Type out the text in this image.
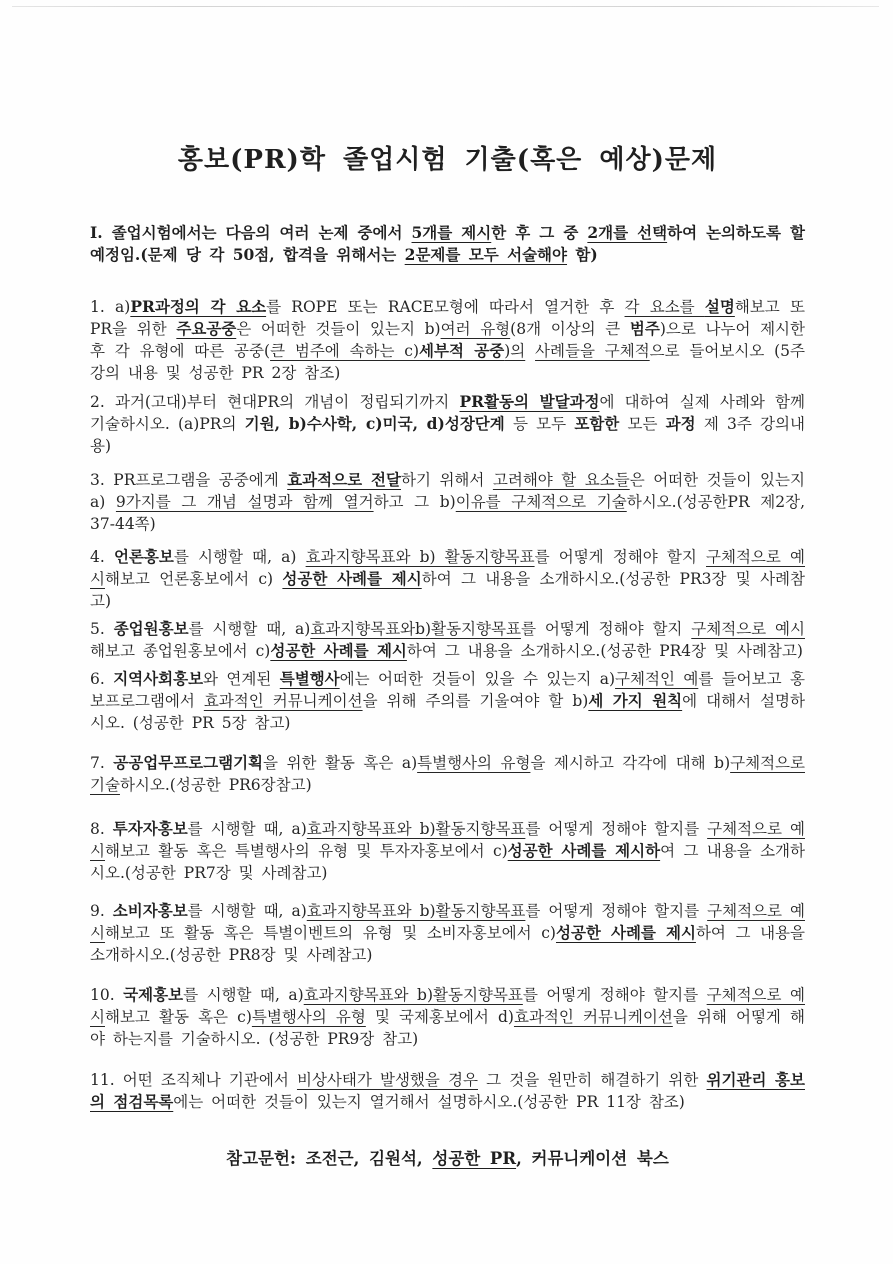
홍보(PR)학 졸업시험 기출(혹은 예상)문제

I. 졸업시험에서는 다음의 여러 논제 중에서 5개를 제시한 후 그 중 2개를 선택하여 논의하도록 할 예정임.(문제 당 각 50점, 합격을 위해서는 2문제를 모두 서술해야 함)

1. a)PR과정의 각 요소를 ROPE 또는 RACE모형에 따라서 열거한 후 각 요소를 설명해보고 또 PR을 위한 주요공중은 어떠한 것들이 있는지 b)여러 유형(8개 이상의 큰 범주)으로 나누어 제시한 후 각 유형에 따른 공중(큰 범주에 속하는 c)세부적 공중)의 사례들을 구체적으로 들어보시오 (5주 강의 내용 및 성공한 PR 2장 참조)

2. 과거(고대)부터 현대PR의 개념이 정립되기까지 PR활동의 발달과정에 대하여 실제 사례와 함께 기술하시오. (a)PR의 기원, b)수사학, c)미국, d)성장단계 등 모두 포함한 모든 과정 제 3주 강의내용)

3. PR프로그램을 공중에게 효과적으로 전달하기 위해서 고려해야 할 요소들은 어떠한 것들이 있는지 a) 9가지를 그 개념 설명과 함께 열거하고 그 b)이유를 구체적으로 기술하시오.(성공한PR 제2장, 37-44쪽)

4. 언론홍보를 시행할 때, a) 효과지향목표와 b) 활동지향목표를 어떻게 정해야 할지 구체적으로 예시해보고 언론홍보에서 c) 성공한 사례를 제시하여 그 내용을 소개하시오.(성공한 PR3장 및 사례참고)

5. 종업원홍보를 시행할 때, a)효과지향목표와b)활동지향목표를 어떻게 정해야 할지 구체적으로 예시해보고 종업원홍보에서 c)성공한 사례를 제시하여 그 내용을 소개하시오.(성공한 PR4장 및 사례참고)

6. 지역사회홍보와 연계된 특별행사에는 어떠한 것들이 있을 수 있는지 a)구체적인 예를 들어보고 홍보프로그램에서 효과적인 커뮤니케이션을 위해 주의를 기울여야 할 b)세 가지 원칙에 대해서 설명하시오. (성공한 PR 5장 참고)

7. 공공업무프로그램기획을 위한 활동 혹은 a)특별행사의 유형을 제시하고 각각에 대해 b)구체적으로 기술하시오.(성공한 PR6장참고)

8. 투자자홍보를 시행할 때, a)효과지향목표와 b)활동지향목표를 어떻게 정해야 할지를 구체적으로 예시해보고 활동 혹은 특별행사의 유형 및 투자자홍보에서 c)성공한 사례를 제시하여 그 내용을 소개하시오.(성공한 PR7장 및 사례참고)

9. 소비자홍보를 시행할 때, a)효과지향목표와 b)활동지향목표를 어떻게 정해야 할지를 구체적으로 예시해보고 또 활동 혹은 특별이벤트의 유형 및 소비자홍보에서 c)성공한 사례를 제시하여 그 내용을 소개하시오.(성공한 PR8장 및 사례참고)

10. 국제홍보를 시행할 때, a)효과지향목표와 b)활동지향목표를 어떻게 정해야 할지를 구체적으로 예시해보고 활동 혹은 c)특별행사의 유형 및 국제홍보에서 d)효과적인 커뮤니케이션을 위해 어떻게 해야 하는지를 기술하시오. (성공한 PR9장 참고)

11. 어떤 조직체나 기관에서 비상사태가 발생했을 경우 그 것을 원만히 해결하기 위한 위기관리 홍보의 점검목록에는 어떠한 것들이 있는지 열거해서 설명하시오.(성공한 PR 11장 참조)

참고문헌: 조전근, 김원석, 성공한 PR, 커뮤니케이션 북스
